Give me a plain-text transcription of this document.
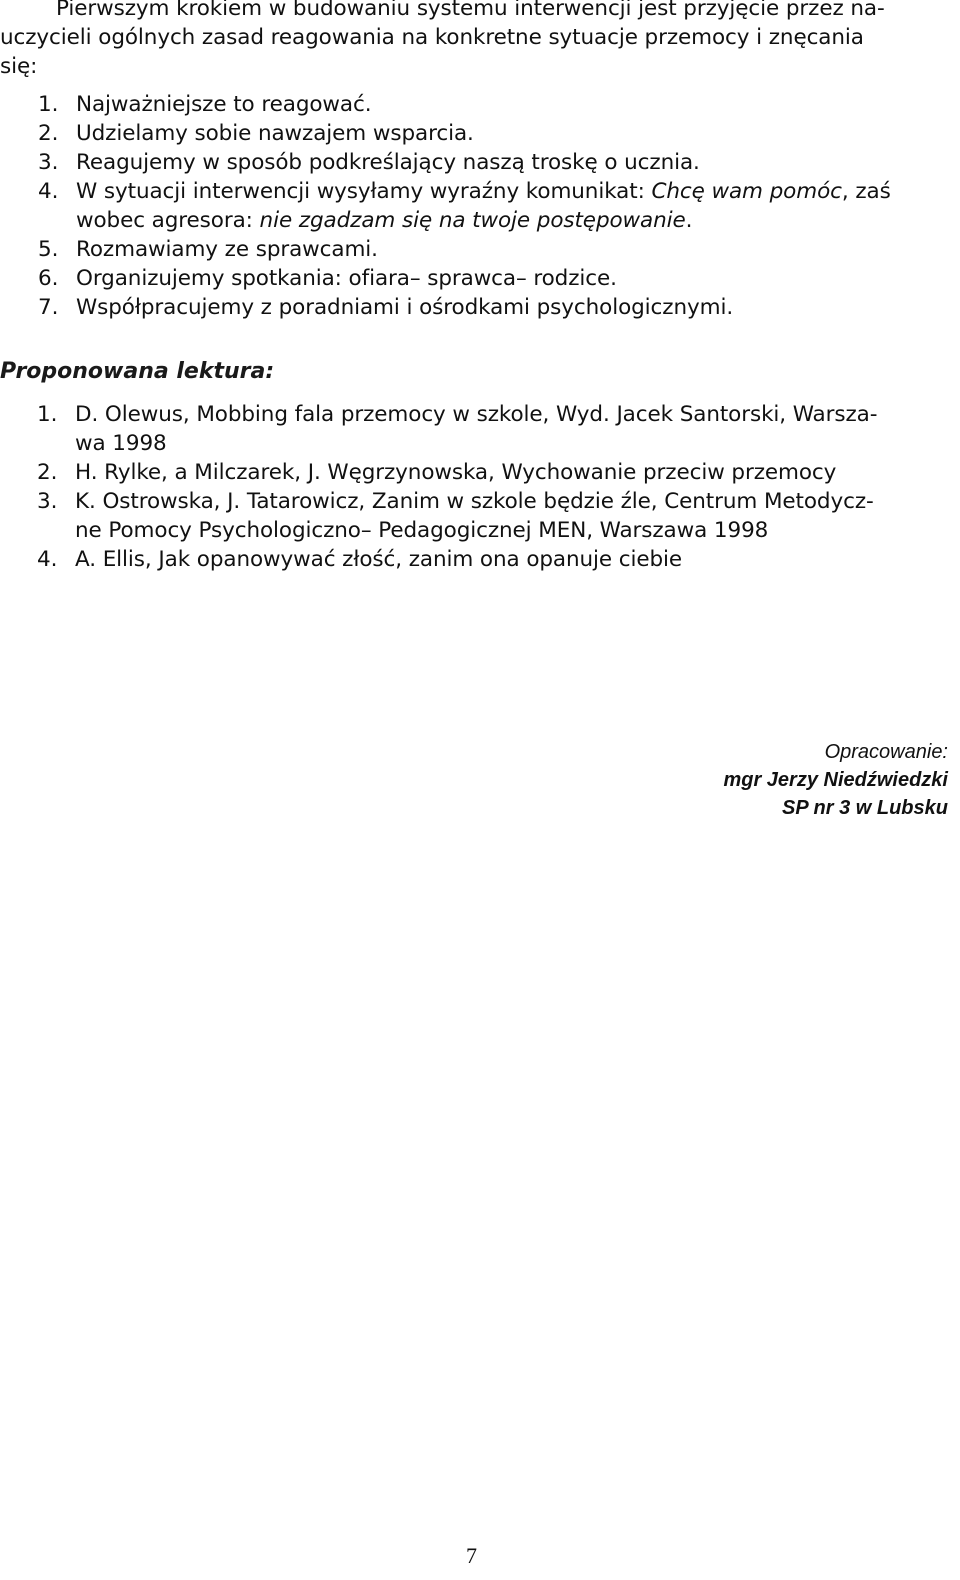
Pierwszym krokiem w budowaniu systemu interwencji jest przyjęcie przez na-
uczycieli ogólnych zasad reagowania na konkretne sytuacje przemocy i znęcania
się:
1. Najważniejsze to reagować.
2. Udzielamy sobie nawzajem wsparcia.
3. Reagujemy w sposób podkreślający naszą troskę o ucznia.
4. W sytuacji interwencji wysyłamy wyraźny komunikat: Chcę wam pomóc, zaś
wobec agresora: nie zgadzam się na twoje postępowanie.
5. Rozmawiamy ze sprawcami.
6. Organizujemy spotkania: ofiara– sprawca– rodzice.
7. Współpracujemy z poradniami i ośrodkami psychologicznymi.
Proponowana lektura:
1. D. Olewus, Mobbing fala przemocy w szkole, Wyd. Jacek Santorski, Warsza-
wa 1998
2. H. Rylke, a Milczarek, J. Węgrzynowska, Wychowanie przeciw przemocy
3. K. Ostrowska, J. Tatarowicz, Zanim w szkole będzie źle, Centrum Metodycz-
ne Pomocy Psychologiczno– Pedagogicznej MEN, Warszawa 1998
4. A. Ellis, Jak opanowywać złość, zanim ona opanuje ciebie
Opracowanie:
mgr Jerzy Niedźwiedzki
SP nr 3 w Lubsku
7
